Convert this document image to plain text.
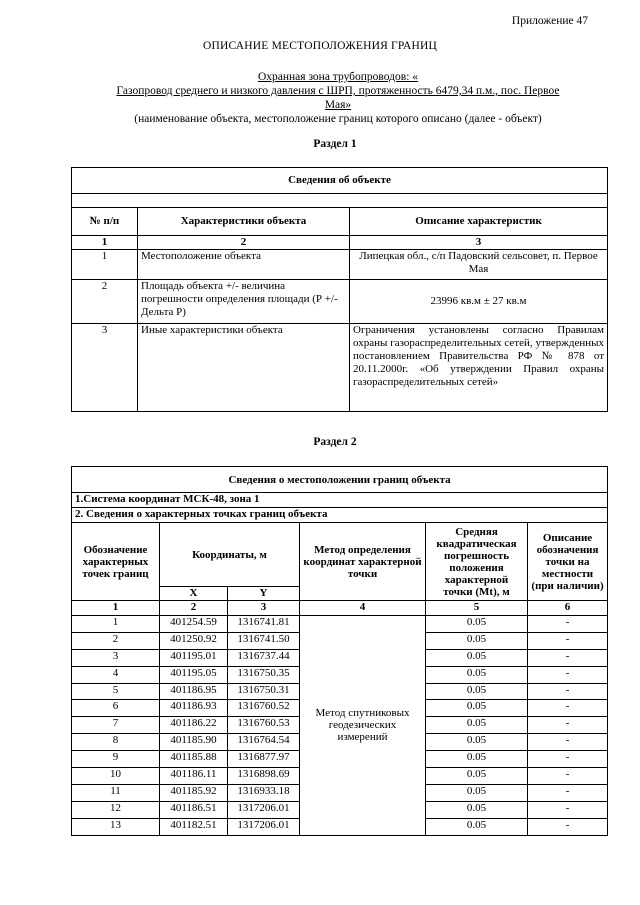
Приложение 47
ОПИСАНИЕ МЕСТОПОЛОЖЕНИЯ ГРАНИЦ
Охранная зона трубопроводов: «
Газопровод среднего и низкого давления с ШРП, протяженность 6479,34 п.м., пос. Первое
Мая»
(наименование объекта, местоположение границ которого описано (далее - объект)
Раздел 1
Сведения об объекте		

№ п/п	Характеристики объекта	Описание характеристик
1	2	3
1	Местоположение объекта	Липецкая обл., с/п Падовский сельсовет, п. Первое Мая
2	Площадь объекта +/- величина погрешности определения площади (Р +/- Дельта Р)	23996 кв.м ± 27 кв.м
3	Иные характеристики объекта	Ограничения установлены согласно Правилам охраны газораспределительных сетей, утвержденных постановлением Правительства РФ № 878 от 20.11.2000г. «Об утверждении Правил охраны газораспределительных сетей»
Раздел 2
Сведения о местоположении границ объекта					
1.Система координат МСК-48, зона 1					
2. Сведения о характерных точках границ объекта					
Обозначение характерных точек границ	Координаты, м		Метод определения координат характерной точки	Средняя квадратическая погрешность положения характерной точки (Mt), м	Описание обозначения точки на местности (при наличии)
	X	Y			
1	2	3	4	5	6
1	401254.59	1316741.81	Метод спутниковых геодезических измерений	0.05	-
2	401250.92	1316741.50		0.05	-
3	401195.01	1316737.44		0.05	-
4	401195.05	1316750.35		0.05	-
5	401186.95	1316750.31		0.05	-
6	401186.93	1316760.52		0.05	-
7	401186.22	1316760.53		0.05	-
8	401185.90	1316764.54		0.05	-
9	401185.88	1316877.97		0.05	-
10	401186.11	1316898.69		0.05	-
11	401185.92	1316933.18		0.05	-
12	401186.51	1317206.01		0.05	-
13	401182.51	1317206.01		0.05	-
